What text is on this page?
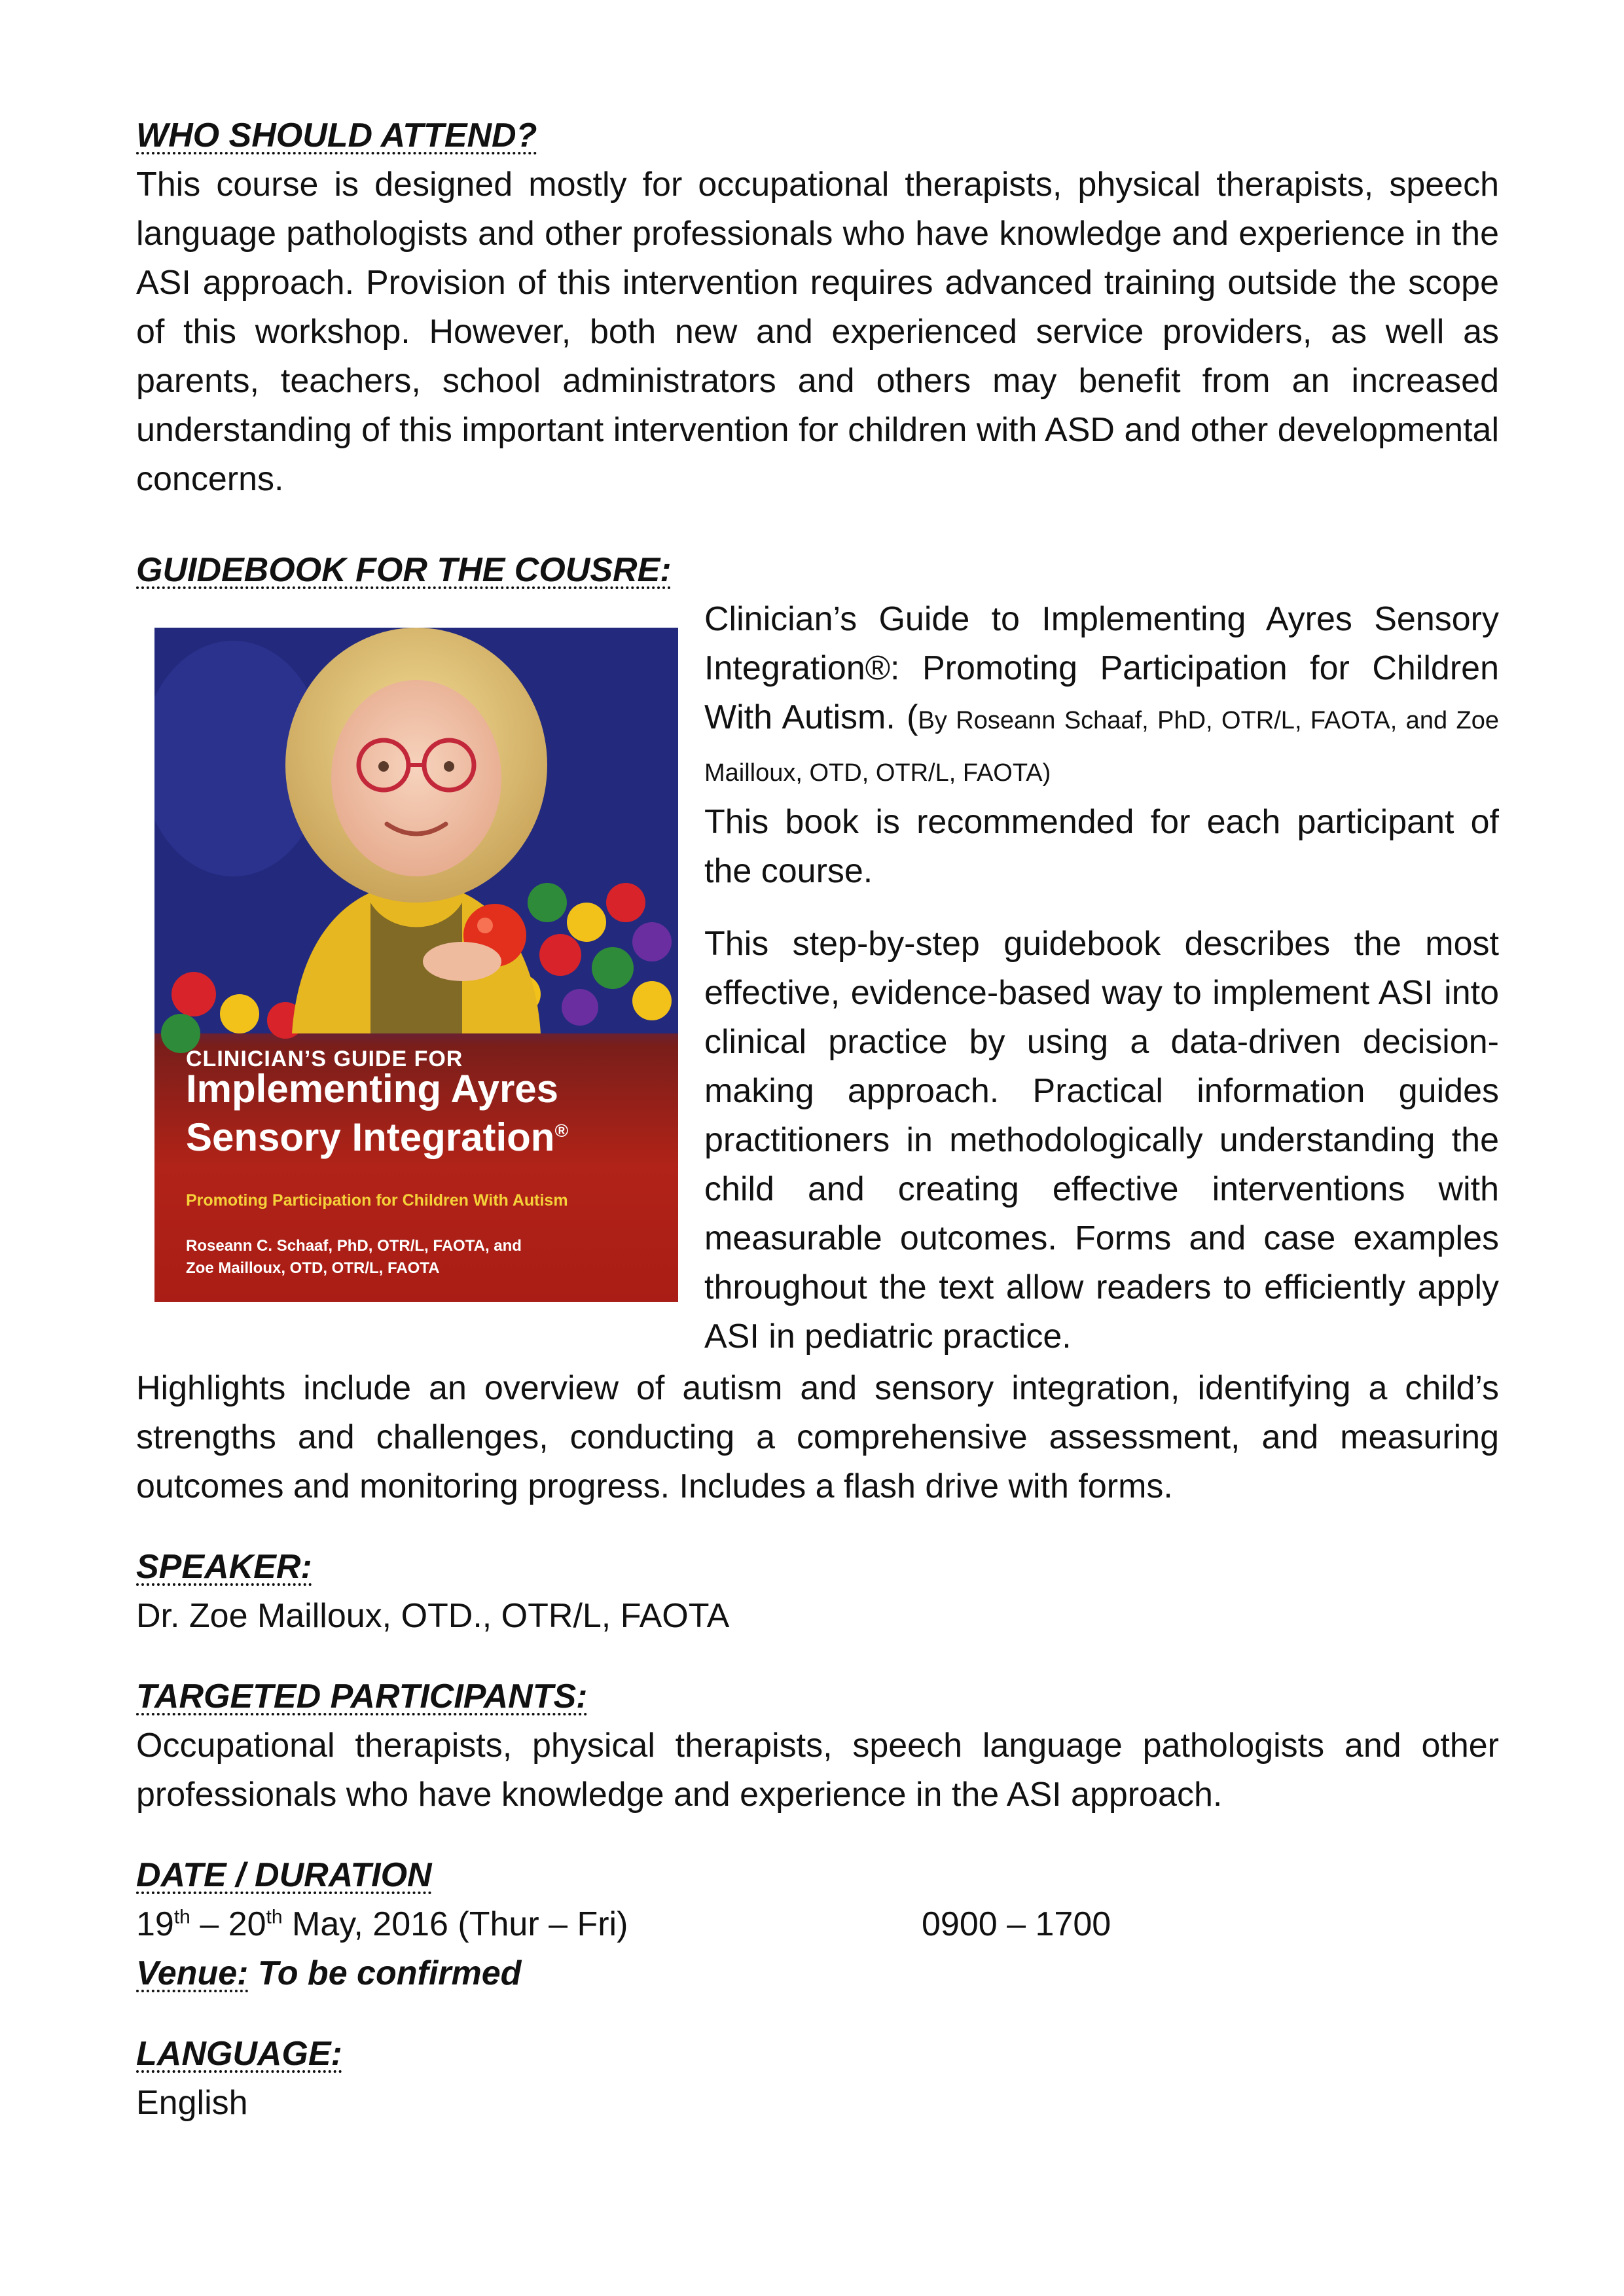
WHO SHOULD ATTEND?

This course is designed mostly for occupational therapists, physical therapists, speech language pathologists and other professionals who have knowledge and experience in the ASI approach. Provision of this intervention requires advanced training outside the scope of this workshop. However, both new and experienced service providers, as well as parents, teachers, school administrators and others may benefit from an increased understanding of this important intervention for children with ASD and other developmental concerns.

GUIDEBOOK FOR THE COUSRE:
CLINICIAN’S GUIDE FOR
Implementing Ayres
Sensory Integration®
Promoting Participation for Children With Autism
Roseann C. Schaaf, PhD, OTR/L, FAOTA, and
Zoe Mailloux, OTD, OTR/L, FAOTA

Clinician’s Guide to Implementing Ayres Sensory Integration®: Promoting Participation for Children With Autism. (By Roseann Schaaf, PhD, OTR/L, FAOTA, and Zoe Mailloux, OTD, OTR/L, FAOTA)

This book is recommended for each participant of the course.

This step-by-step guidebook describes the most effective, evidence-based way to implement ASI into clinical practice by using a data-driven decision-making approach. Practical information guides practitioners in methodologically understanding the child and creating effective interventions with measurable outcomes. Forms and case examples throughout the text allow readers to efficiently apply ASI in pediatric practice.

Highlights include an overview of autism and sensory integration, identifying a child’s strengths and challenges, conducting a comprehensive assessment, and measuring outcomes and monitoring progress. Includes a flash drive with forms.

SPEAKER:

Dr. Zoe Mailloux, OTD., OTR/L, FAOTA

TARGETED PARTICIPANTS:

Occupational therapists, physical therapists, speech language pathologists and other professionals who have knowledge and experience in the ASI approach.

DATE / DURATION
19th – 20th May, 2016 (Thur – Fri)	0900 – 1700
Venue: To be confirmed
LANGUAGE:

English
